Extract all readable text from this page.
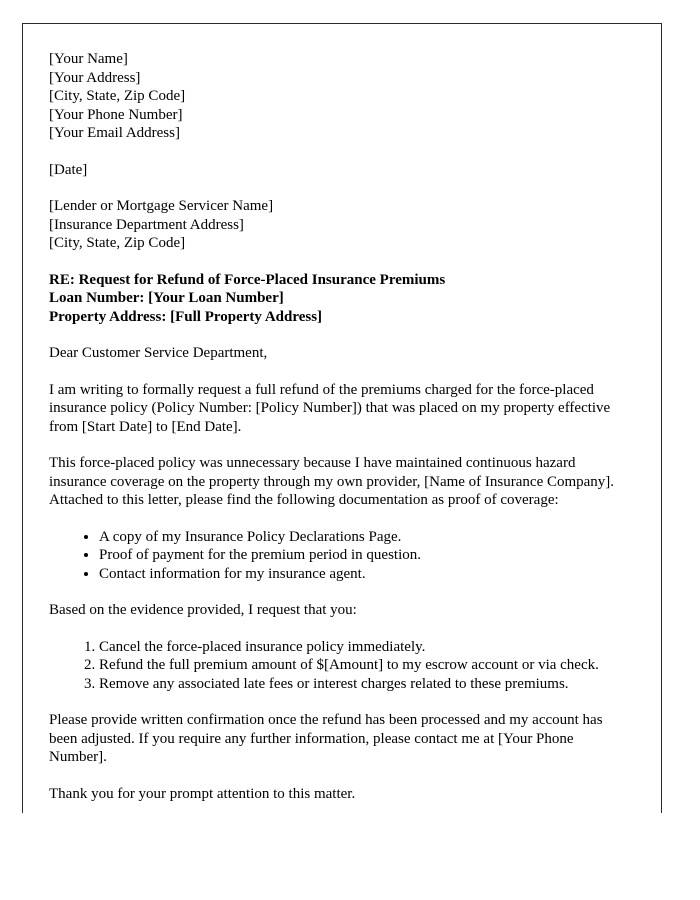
[Your Name]
[Your Address]
[City, State, Zip Code]
[Your Phone Number]
[Your Email Address]
[Date]
[Lender or Mortgage Servicer Name]
[Insurance Department Address]
[City, State, Zip Code]
RE: Request for Refund of Force-Placed Insurance Premiums
Loan Number: [Your Loan Number]
Property Address: [Full Property Address]

Dear Customer Service Department,

I am writing to formally request a full refund of the premiums charged for the force-placed insurance policy (Policy Number: [Policy Number]) that was placed on my property effective from [Start Date] to [End Date].

This force-placed policy was unnecessary because I have maintained continuous hazard insurance coverage on the property through my own provider, [Name of Insurance Company]. Attached to this letter, please find the following documentation as proof of coverage:

• A copy of my Insurance Policy Declarations Page.
• Proof of payment for the premium period in question.
• Contact information for my insurance agent.

Based on the evidence provided, I request that you:

1. Cancel the force-placed insurance policy immediately.
2. Refund the full premium amount of $[Amount] to my escrow account or via check.
3. Remove any associated late fees or interest charges related to these premiums.

Please provide written confirmation once the refund has been processed and my account has been adjusted. If you require any further information, please contact me at [Your Phone Number].

Thank you for your prompt attention to this matter.
